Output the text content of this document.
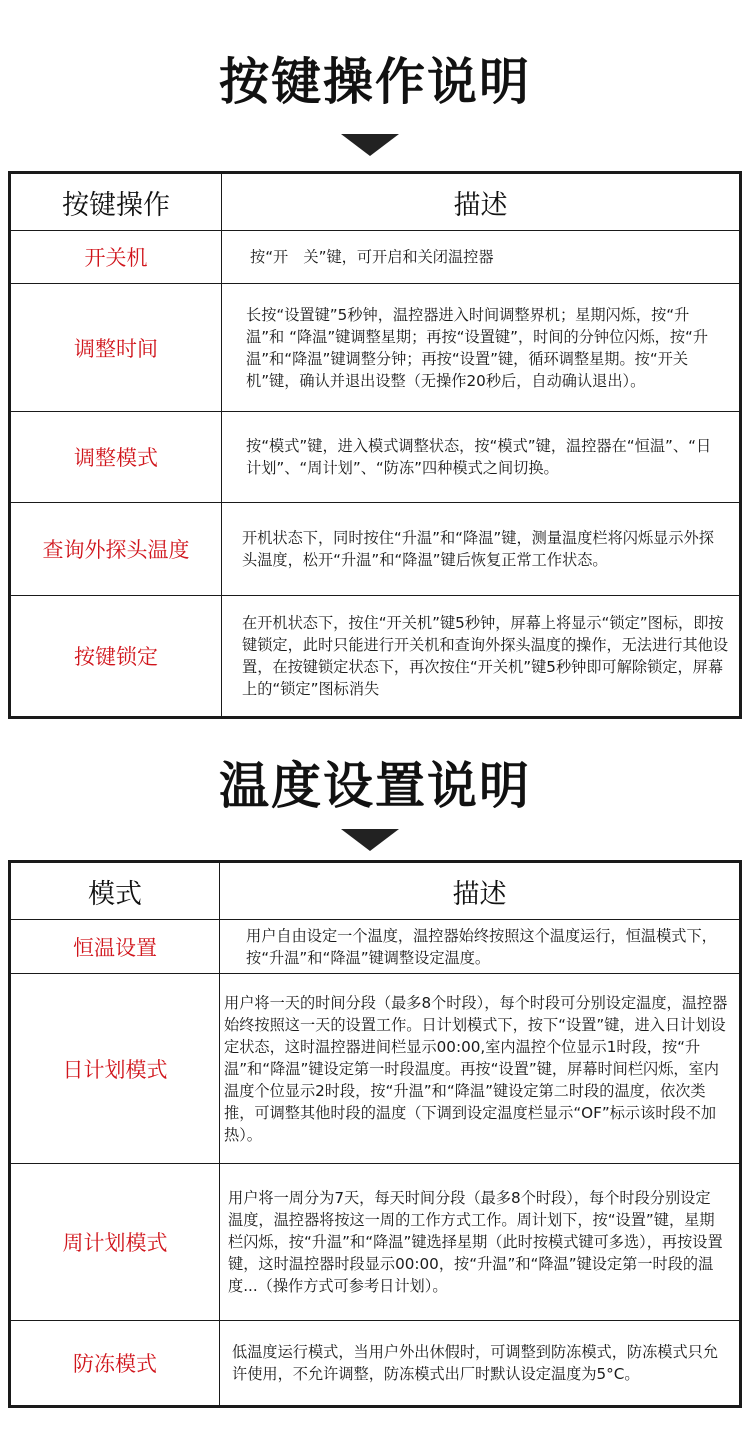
按键操作说明
按键操作	描述
开关机	按“开　关”键，可开启和关闭温控器

调整时间	长按“设置键”5秒钟，温控器进入时间调整界机；星期闪烁，按“升温”和 “降温”键调整星期；再按“设置键”，时间的分钟位闪烁，按“升温”和“降温”键调整分钟；再按“设置”键，循环调整星期。按“开关机”键，确认并退出设整（无操作20秒后，自动确认退出）。

调整模式	按“模式”键，进入模式调整状态，按“模式”键，温控器在“恒温”、“日计划”、“周计划”、“防冻”四种模式之间切换。

查询外探头温度	开机状态下，同时按住“升温”和“降温”键，测量温度栏将闪烁显示外探头温度，松开“升温”和“降温”键后恢复正常工作状态。

按键锁定	在开机状态下，按住“开关机”键5秒钟，屏幕上将显示“锁定”图标，即按键锁定，此时只能进行开关机和查询外探头温度的操作，无法进行其他设置，在按键锁定状态下，再次按住“开关机”键5秒钟即可解除锁定，屏幕上的“锁定”图标消失
温度设置说明
模式	描述
恒温设置	用户自由设定一个温度，温控器始终按照这个温度运行，恒温模式下，按“升温”和“降温”键调整设定温度。

日计划模式	用户将一天的时间分段（最多8个时段），每个时段可分别设定温度，温控器始终按照这一天的设置工作。日计划模式下，按下“设置”键，进入日计划设定状态，这时温控器进间栏显示00:00,室内温控个位显示1时段，按“升温”和“降温”键设定第一时段温度。再按“设置”键，屏幕时间栏闪烁，室内温度个位显示2时段，按“升温”和“降温”键设定第二时段的温度，依次类推，可调整其他时段的温度（下调到设定温度栏显示“OF”标示该时段不加热）。

周计划模式	用户将一周分为7天，每天时间分段（最多8个时段），每个时段分别设定温度，温控器将按这一周的工作方式工作。周计划下，按“设置”键，星期栏闪烁，按“升温”和“降温”键选择星期（此时按模式键可多选），再按设置键，这时温控器时段显示00:00，按“升温”和“降温”键设定第一时段的温度...（操作方式可参考日计划）。

防冻模式	低温度运行模式，当用户外出休假时，可调整到防冻模式，防冻模式只允许使用，不允许调整，防冻模式出厂时默认设定温度为5°C。
